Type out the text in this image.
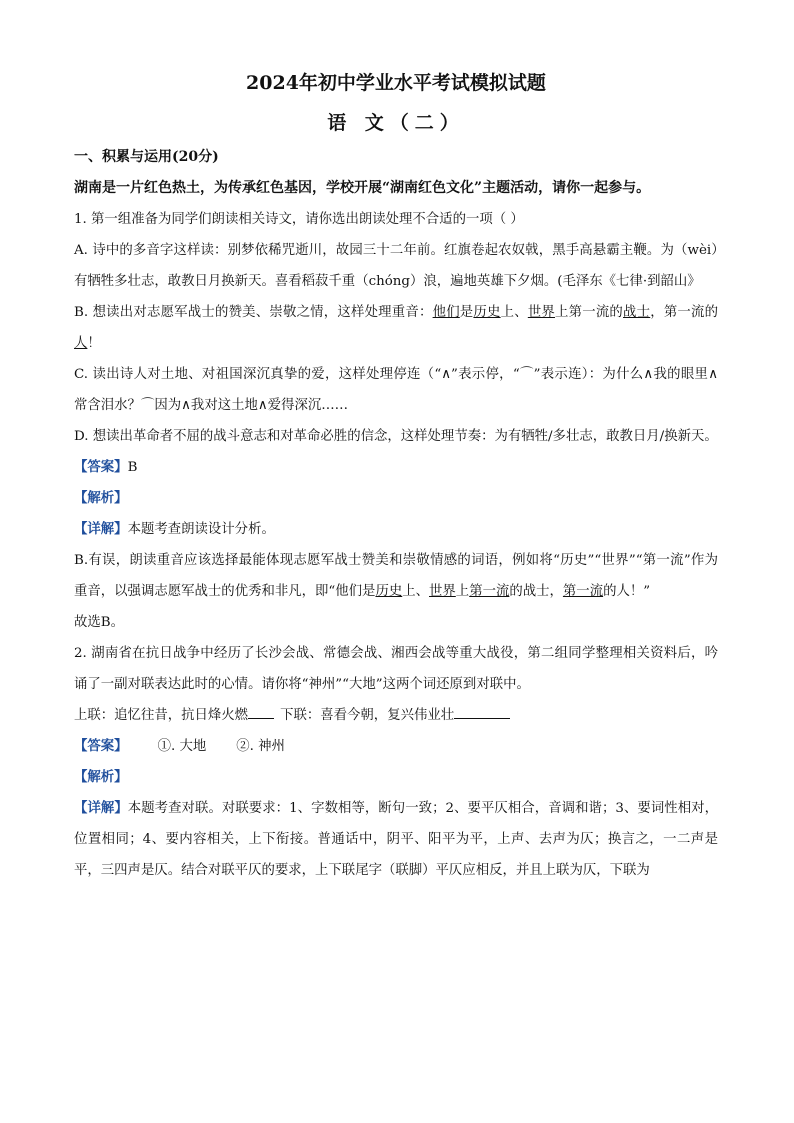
2024年初中学业水平考试模拟试题
语 文（二）

一、积累与运用(20分)

湖南是一片红色热土，为传承红色基因，学校开展“湖南红色文化”主题活动，请你一起参与。

1. 第一组准备为同学们朗读相关诗文，请你选出朗读处理不合适的一项（ ）

A. 诗中的多音字这样读：别梦依稀咒逝川，故园三十二年前。红旗卷起农奴戟，黑手高悬霸主鞭。为（wèi）有牺牲多壮志，敢教日月换新天。喜看稻菽千重（chóng）浪，遍地英雄下夕烟。(毛泽东《七律·到韶山》

B. 想读出对志愿军战士的赞美、崇敬之情，这样处理重音：他们是历史上、世界上第一流的战士，第一流的人！

C. 读出诗人对土地、对祖国深沉真挚的爱，这样处理停连（“∧”表示停，“⌒”表示连）：为什么∧我的眼里∧常含泪水？⌒因为∧我对这土地∧爱得深沉……

D. 想读出革命者不屈的战斗意志和对革命必胜的信念，这样处理节奏：为有牺牲/多壮志，敢教日月/换新天。

【答案】B

【解析】

【详解】本题考查朗读设计分析。

B.有误，朗读重音应该选择最能体现志愿军战士赞美和崇敬情感的词语，例如将“历史”“世界”“第一流”作为重音，以强调志愿军战士的优秀和非凡，即“他们是历史上、世界上第一流的战士，第一流的人！”

故选B。

2. 湖南省在抗日战争中经历了长沙会战、常德会战、湘西会战等重大战役，第二组同学整理相关资料后，吟诵了一副对联表达此时的心情。请你将“神州”“大地”这两个词还原到对联中。

上联：追忆往昔，抗日烽火燃 下联：喜看今朝，复兴伟业壮

【答案】 ①. 大地 ②. 神州

【解析】

【详解】本题考查对联。对联要求：1、字数相等，断句一致；2、要平仄相合，音调和谐；3、要词性相对，位置相同；4、要内容相关，上下衔接。普通话中，阴平、阳平为平，上声、去声为仄；换言之，一二声是平，三四声是仄。结合对联平仄的要求，上下联尾字（联脚）平仄应相反，并且上联为仄，下联为
